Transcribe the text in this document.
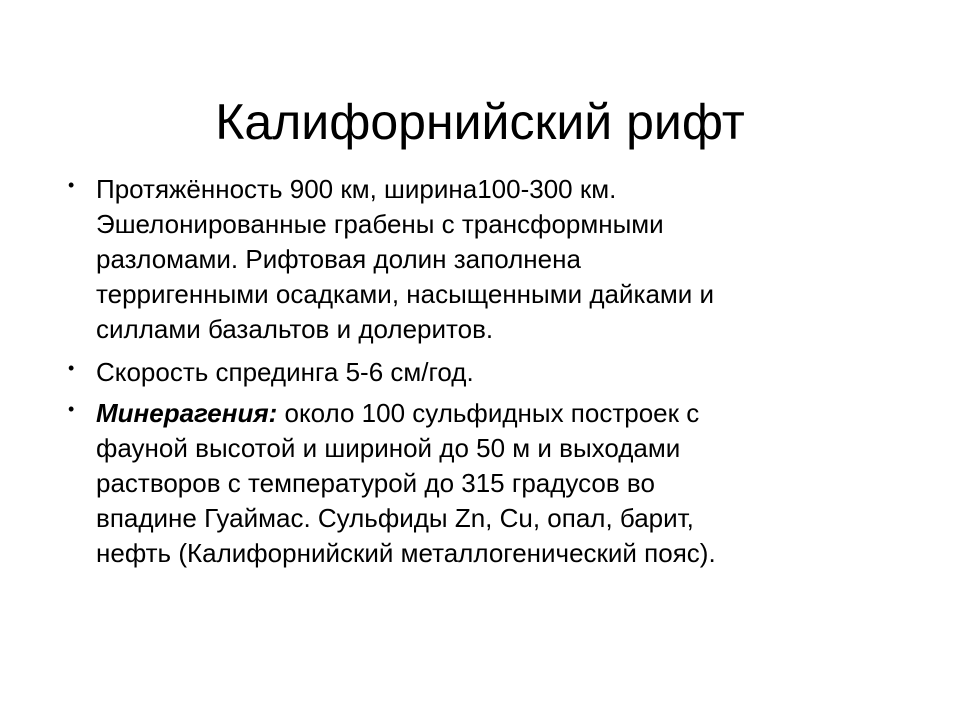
Калифорнийский рифт
• Протяжённость 900 км, ширина100-300 км.
Эшелонированные грабены с трансформными
разломами. Рифтовая долин заполнена
терригенными осадками, насыщенными дайками и
силлами базальтов и долеритов.
• Скорость спрединга 5-6 см/год.
• Минерагения: около 100 сульфидных построек с
фауной высотой и шириной до 50 м и выходами
растворов с температурой до 315 градусов во
впадине Гуаймас. Сульфиды Zn, Cu, опал, барит,
нефть (Калифорнийский металлогенический пояс).
